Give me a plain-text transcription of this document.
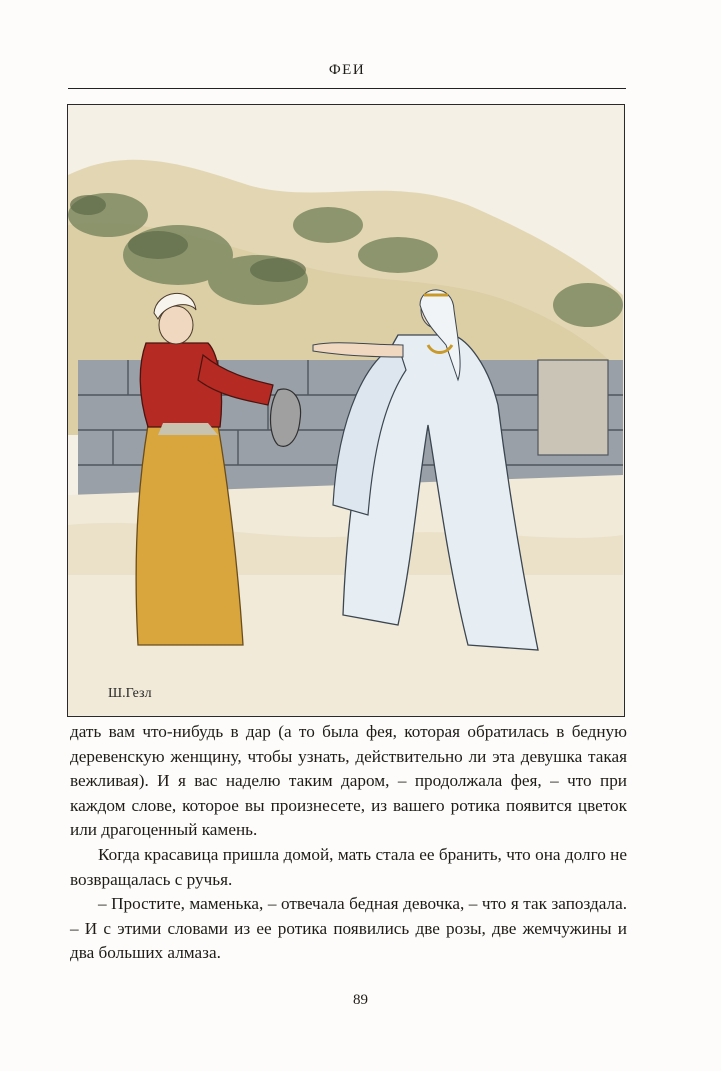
ФЕИ
Ш.Гезл

дать вам что-нибудь в дар (а то была фея, которая обратилась в бедную деревенскую женщину, чтобы узнать, действительно ли эта девушка такая вежливая). И я вас наделю таким даром, – продолжала фея, – что при каждом слове, которое вы произнесете, из вашего ротика появится цветок или драгоценный камень.

Когда красавица пришла домой, мать стала ее бранить, что она долго не возвращалась с ручья.

– Простите, маменька, – отвечала бедная девочка, – что я так запоздала. – И с этими словами из ее ротика появились две розы, две жемчужины и два больших алмаза.

89
